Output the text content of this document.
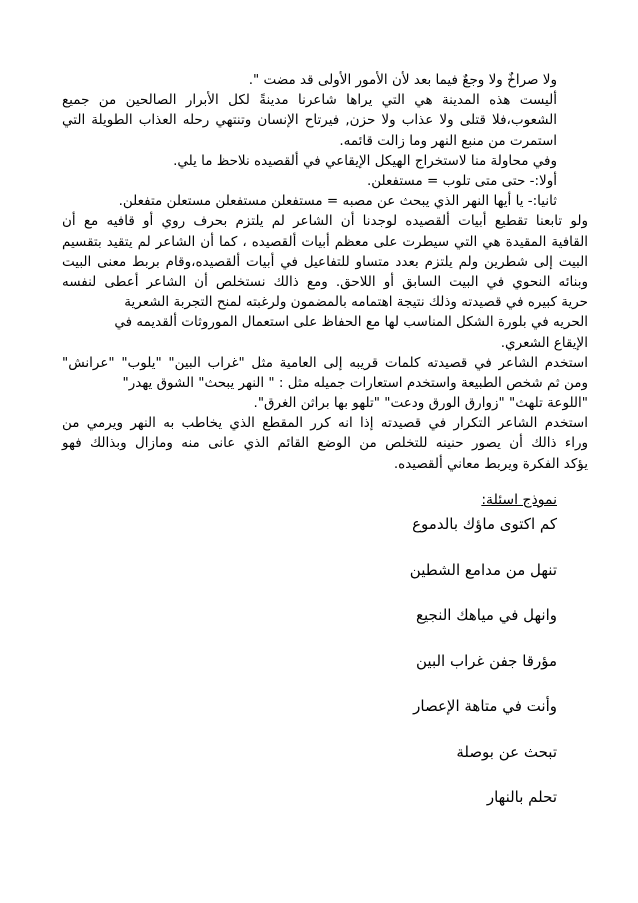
ولا صراخٌ ولا وجعٌ فيما بعد لأن الأمور الأولى قد مضت ".
أليست هذه المدينة هي التي يراها شاعرنا مدينةً لكل الأبرار الصالحين من جميع
الشعوب،فلا قتلى ولا عذاب ولا حزن, فيرتاح الإنسان وتنتهي رحله العذاب الطويلة التي
استمرت من منبع النهر وما زالت قائمه.
وفي محاولة منا لاستخراج الهيكل الإيقاعي في ألقصيده نلاحظ ما يلي.
أولا:- حتى متى تلوب = مستفعلن.
ثانيا:- يا أيها النهر الذي يبحث عن مصبه = مستفعلن مستفعلن مستعلن متفعلن.
ولو تابعنا تقطيع أبيات ألقصيده لوجدنا أن الشاعر لم يلتزم بحرف روي أو قافيه مع أن
القافية المقيدة هي التي سيطرت على معظم أبيات ألقصيده ، كما أن الشاعر لم يتقيد بتقسيم
البيت إلى شطرين ولم يلتزم بعدد متساو للتفاعيل في أبيات ألقصيده،وقام بربط معنى البيت
وبنائه النحوي في البيت السابق أو اللاحق. ومع ذالك نستخلص أن الشاعر أعطى لنفسه
حرية كبيره في قصيدته وذلك نتيجة اهتمامه بالمضمون ولرغبته لمنح التجربة الشعرية
الحريه في بلورة الشكل المناسب لها مع الحفاظ على استعمال الموروثات ألقديمه في
الإيقاع الشعري.
استخدم الشاعر في قصيدته كلمات قريبه إلى العامية مثل "غراب البين" "يلوب" "عرانش"
ومن ثم شخص الطبيعة واستخدم استعارات جميله مثل : " النهر يبحث" الشوق يهدر"
"اللوعة تلهث" "زوارق الورق ودعت" "تلهو بها براثن الغرق".
استخدم الشاعر التكرار في قصيدته إذا انه كرر المقطع الذي يخاطب به النهر ويرمي من
وراء ذالك أن يصور حنينه للتخلص من الوضع القائم الذي عانى منه ومازال وبذالك فهو
يؤكد الفكرة ويربط معاني ألقصيده.
نموذج اسئلة:
كم اكتوى ماؤك بالدموع
تنهل من مدامع الشطين
وانهل في مياهك النجيع
مؤرقا جفن غراب البين
وأنت في متاهة الإعصار
تبحث عن بوصلة
تحلم بالنهار
